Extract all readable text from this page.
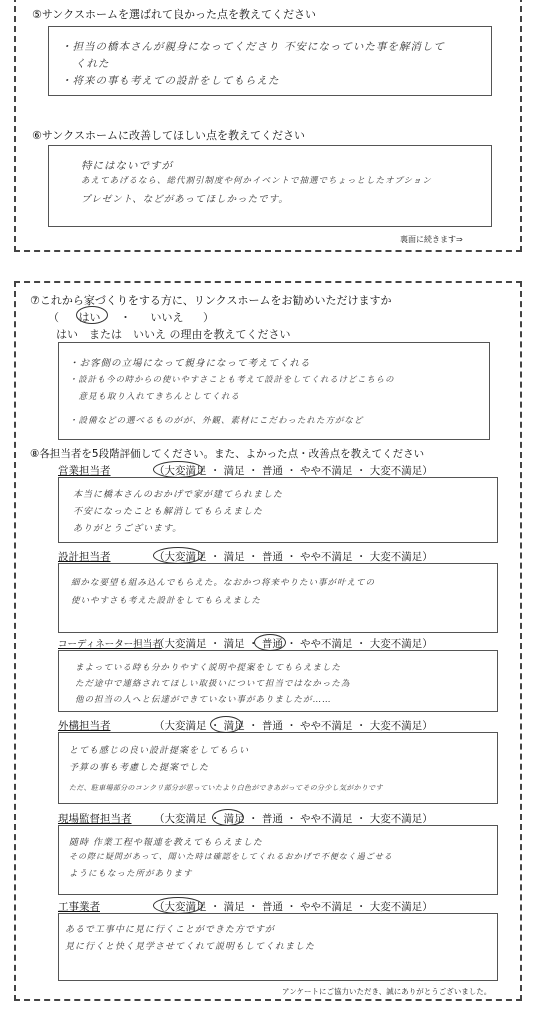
⑤サンクスホームを選ばれて良かった点を教えてください
・担当の橋本さんが親身になってくださり 不安になっていた事を解消して
くれた
・将来の事も考えての設計をしてもらえた
⑥サンクスホームに改善してほしい点を教えてください
特にはないですが
あえてあげるなら、総代割引制度や何かイベントで抽選でちょっとしたオプション
プレゼント、などがあってほしかったです。
裏面に続きます⇒
⑦これから家づくりをする方に、リンクスホームをお勧めいただけますか
（ はい ・ いいえ ）
はい　または　いいえ の理由を教えてください
・お客側の立場になって親身になって考えてくれる
・設計も今の時からの使いやすさことも考えて設計をしてくれるけどこちらの
　意見も取り入れてきちんとしてくれる
・設備などの選べるものがが、外観、素材にこだわったれた方がなど
⑧各担当者を5段階評価してください。また、よかった点・改善点を教えてください
営業担当者	（大変満足 ・ 満足 ・ 普通 ・ やや不満足 ・ 大変不満足）
本当に橋本さんのおかげで家が建てられました
不安になったことも解消してもらえました
ありがとうございます。
設計担当者	（大変満足 ・ 満足 ・ 普通 ・ やや不満足 ・ 大変不満足）
細かな要望も組み込んでもらえた。なおかつ将来やりたい事が叶えての
使いやすさも考えた設計をしてもらえました
コーディネーター担当者（大変満足 ・ 満足 ・ 普通 ・ やや不満足 ・ 大変不満足）
まよっている時も分かりやすく説明や提案をしてもらえました
ただ途中で連絡されてほしい取扱いについて担当ではなかった為
他の担当の人へと伝達ができていない事がありましたが……
外構担当者	（大変満足 ・ 満足 ・ 普通 ・ やや不満足 ・ 大変不満足）
とても感じの良い設計提案をしてもらい
予算の事も考慮した提案でした
ただ、駐車場部分のコンクリ部分が思っていたより白色ができあがってその分少し気がかりです
現場監督担当者 （大変満足 ・ 満足 ・ 普通 ・ やや不満足 ・ 大変不満足）
随時 作業工程や報連を教えてもらえました
その際に疑問があって、聞いた時は確認をしてくれるおかげで不便なく過ごせる
ようにもなった所があります
工事業者	（大変満足 ・ 満足 ・ 普通 ・ やや不満足 ・ 大変不満足）
あるで工事中に見に行くことができた方ですが
見に行くと快く見学させてくれて説明もしてくれました
アンケートにご協力いただき、誠にありがとうございました。
